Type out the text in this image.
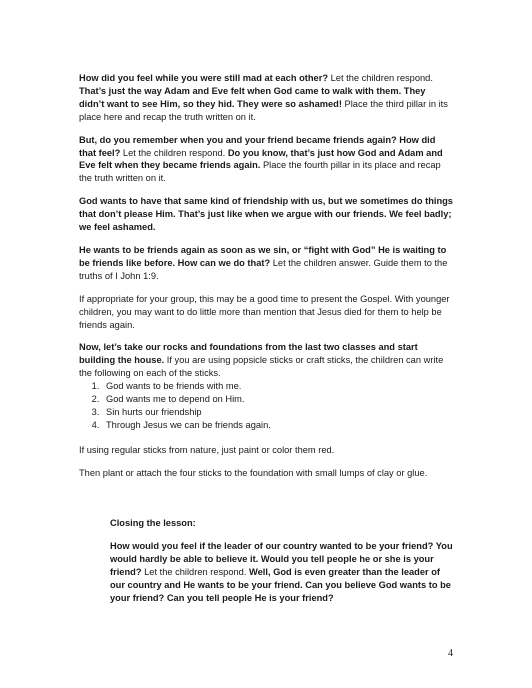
How did you feel while you were still mad at each other? Let the children respond. That’s just the way Adam and Eve felt when God came to walk with them. They didn’t want to see Him, so they hid. They were so ashamed! Place the third pillar in its place here and recap the truth written on it.

But, do you remember when you and your friend became friends again? How did that feel? Let the children respond. Do you know, that’s just how God and Adam and Eve felt when they became friends again. Place the fourth pillar in its place and recap the truth written on it.

God wants to have that same kind of friendship with us, but we sometimes do things that don’t please Him. That’s just like when we argue with our friends. We feel badly; we feel ashamed.

He wants to be friends again as soon as we sin, or “fight with God” He is waiting to be friends like before. How can we do that? Let the children answer. Guide them to the truths of I John 1:9.

If appropriate for your group, this may be a good time to present the Gospel. With younger children, you may want to do little more than mention that Jesus died for them to help be friends again.

Now, let’s take our rocks and foundations from the last two classes and start building the house. If you are using popsicle sticks or craft sticks, the children can write the following on each of the sticks.

1. God wants to be friends with me.
2. God wants me to depend on Him.
3. Sin hurts our friendship
4. Through Jesus we can be friends again.

If using regular sticks from nature, just paint or color them red.

Then plant or attach the four sticks to the foundation with small lumps of clay or glue.

Closing the lesson:

How would you feel if the leader of our country wanted to be your friend? You would hardly be able to believe it. Would you tell people he or she is your friend? Let the children respond. Well, God is even greater than the leader of our country and He wants to be your friend. Can you believe God wants to be your friend? Can you tell people He is your friend?

4
